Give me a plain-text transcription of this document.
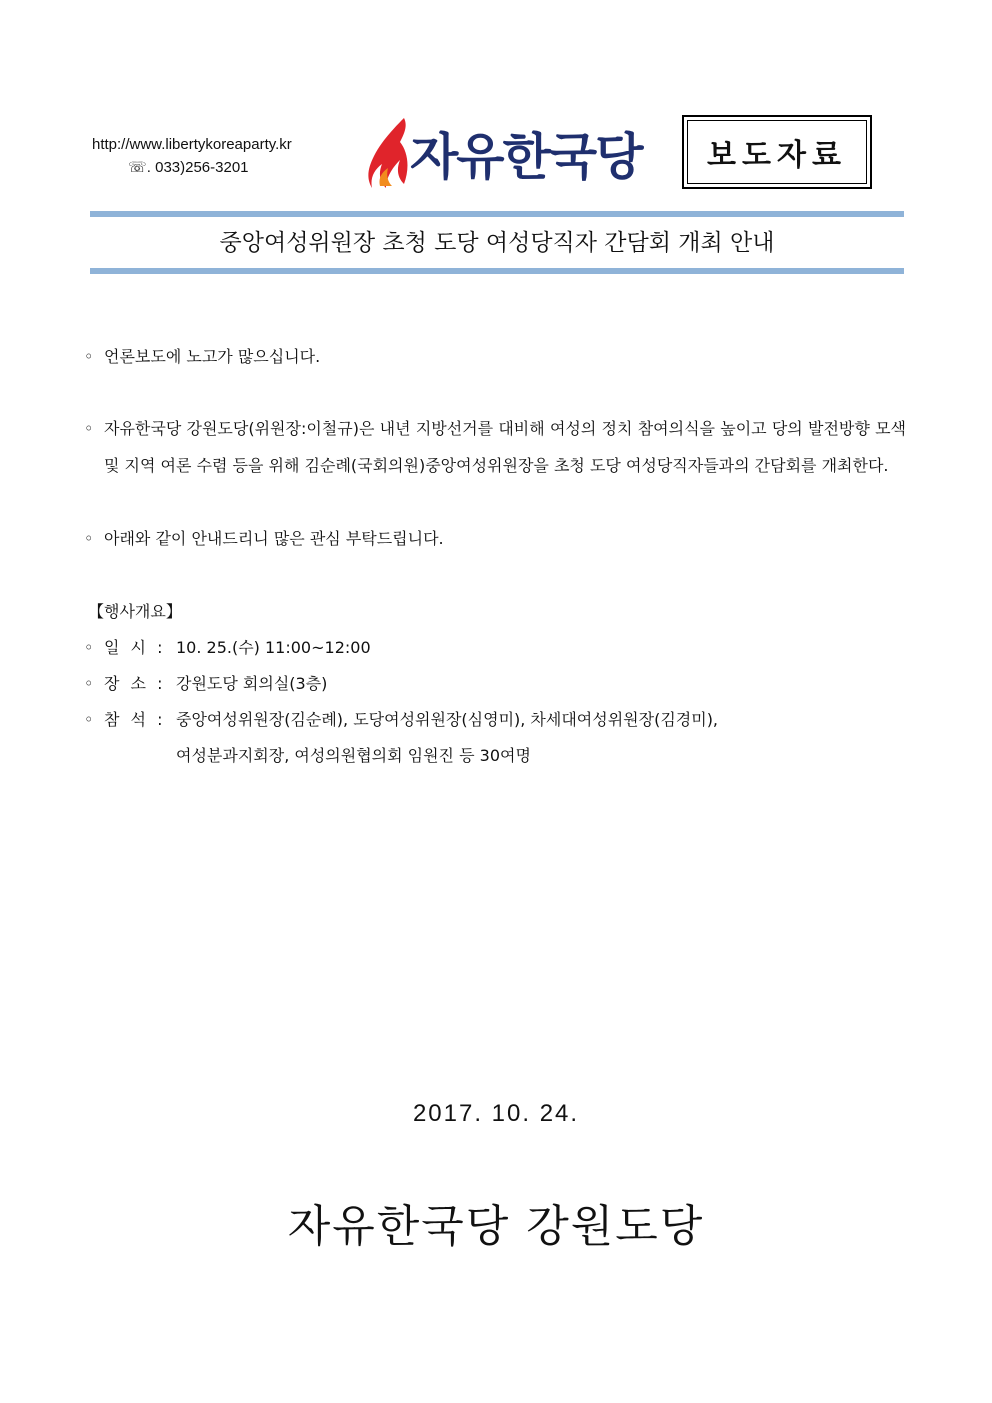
http://www.libertykoreaparty.kr
☏. 033)256-3201	자유한국당	보도자료
중앙여성위원장 초청 도당 여성당직자 간담회 개최 안내

◦ 언론보도에 노고가 많으십니다.

◦ 자유한국당 강원도당(위원장:이철규)은 내년 지방선거를 대비해 여성의 정치 참여의식을 높이고 당의 발전방향 모색 및 지역 여론 수렴 등을 위해 김순례(국회의원)중앙여성위원장을 초청 도당 여성당직자들과의 간담회를 개최한다.

◦ 아래와 같이 안내드리니 많은 관심 부탁드립니다.

【행사개요】
◦ 일 시 : 10. 25.(수) 11:00~12:00
◦ 장 소 : 강원도당 회의실(3층)
◦ 참 석 : 중앙여성위원장(김순례), 도당여성위원장(심영미), 차세대여성위원장(김경미),
여성분과지회장, 여성의원협의회 임원진 등 30여명
2017. 10. 24.
자유한국당 강원도당
